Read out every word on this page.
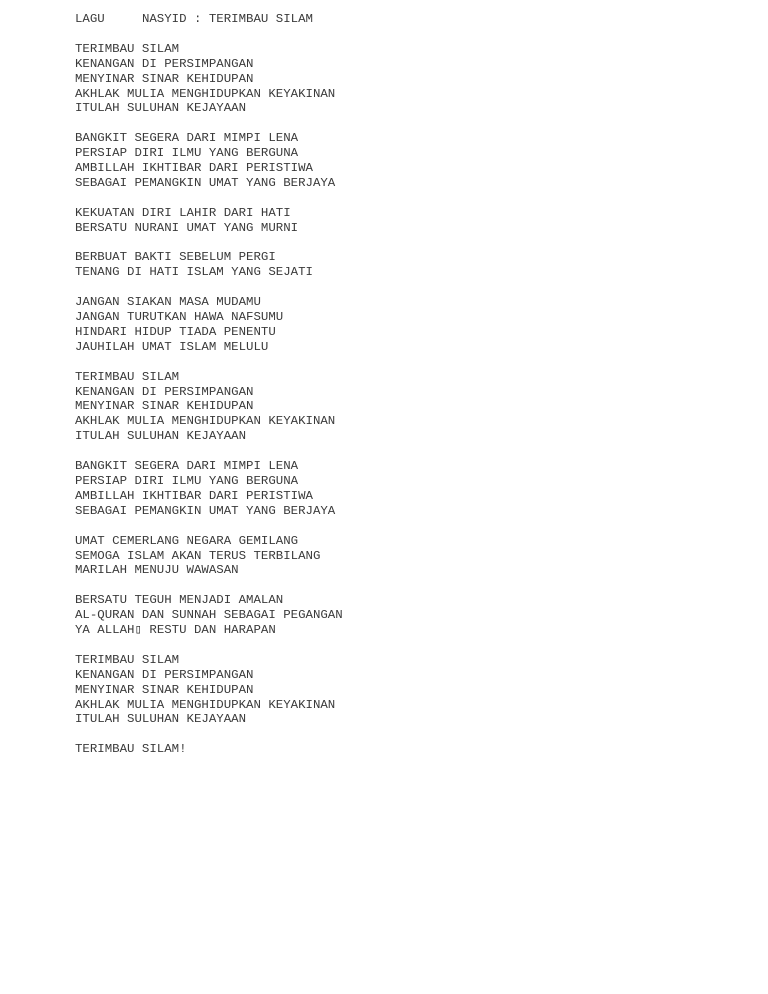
LAGU	NASYID : TERIMBAU SILAM
TERIMBAU SILAM
KENANGAN DI PERSIMPANGAN
MENYINAR SINAR KEHIDUPAN
AKHLAK MULIA MENGHIDUPKAN KEYAKINAN
ITULAH SULUHAN KEJAYAAN
BANGKIT SEGERA DARI MIMPI LENA
PERSIAP DIRI ILMU YANG BERGUNA
AMBILLAH IKHTIBAR DARI PERISTIWA
SEBAGAI PEMANGKIN UMAT YANG BERJAYA
KEKUATAN DIRI LAHIR DARI HATI
BERSATU NURANI UMAT YANG MURNI
BERBUAT BAKTI SEBELUM PERGI
TENANG DI HATI ISLAM YANG SEJATI
JANGAN SIAKAN MASA MUDAMU
JANGAN TURUTKAN HAWA NAFSUMU
HINDARI HIDUP TIADA PENENTU
JAUHILAH UMAT ISLAM MELULU
TERIMBAU SILAM
KENANGAN DI PERSIMPANGAN
MENYINAR SINAR KEHIDUPAN
AKHLAK MULIA MENGHIDUPKAN KEYAKINAN
ITULAH SULUHAN KEJAYAAN
BANGKIT SEGERA DARI MIMPI LENA
PERSIAP DIRI ILMU YANG BERGUNA
AMBILLAH IKHTIBAR DARI PERISTIWA
SEBAGAI PEMANGKIN UMAT YANG BERJAYA
UMAT CEMERLANG NEGARA GEMILANG
SEMOGA ISLAM AKAN TERUS TERBILANG
MARILAH MENUJU WAWASAN
BERSATU TEGUH MENJADI AMALAN
AL-QURAN DAN SUNNAH SEBAGAI PEGANGAN
YA ALLAH▯ RESTU DAN HARAPAN
TERIMBAU SILAM
KENANGAN DI PERSIMPANGAN
MENYINAR SINAR KEHIDUPAN
AKHLAK MULIA MENGHIDUPKAN KEYAKINAN
ITULAH SULUHAN KEJAYAAN
TERIMBAU SILAM!
